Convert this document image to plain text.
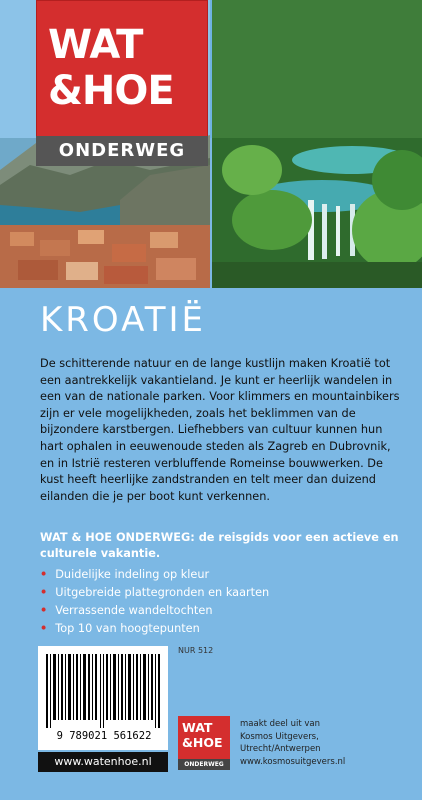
WAT
&HOE
ONDERWEG
KROATIË
De schitterende natuur en de lange kustlijn maken Kroatië tot een aantrekkelijk vakantieland. Je kunt er heerlijk wandelen in een van de nationale parken. Voor klimmers en mountainbikers zijn er vele mogelijkheden, zoals het beklimmen van de bijzondere karstbergen. Liefhebbers van cultuur kunnen hun hart ophalen in eeuwenoude steden als Zagreb en Dubrovnik, en in Istrië resteren verbluffende Romeinse bouwwerken. De kust heeft heerlijke zandstranden en telt meer dan duizend eilanden die je per boot kunt verkennen.
WAT & HOE ONDERWEG: de reisgids voor een actieve en culturele vakantie.
• Duidelijke indeling op kleur
• Uitgebreide plattegronden en kaarten
• Verrassende wandeltochten
• Top 10 van hoogtepunten
9 789021 561622
www.watenhoe.nl
NUR 512
WAT
&HOE
ONDERWEG
maakt deel uit van
Kosmos Uitgevers,
Utrecht/Antwerpen
www.kosmosuitgevers.nl
